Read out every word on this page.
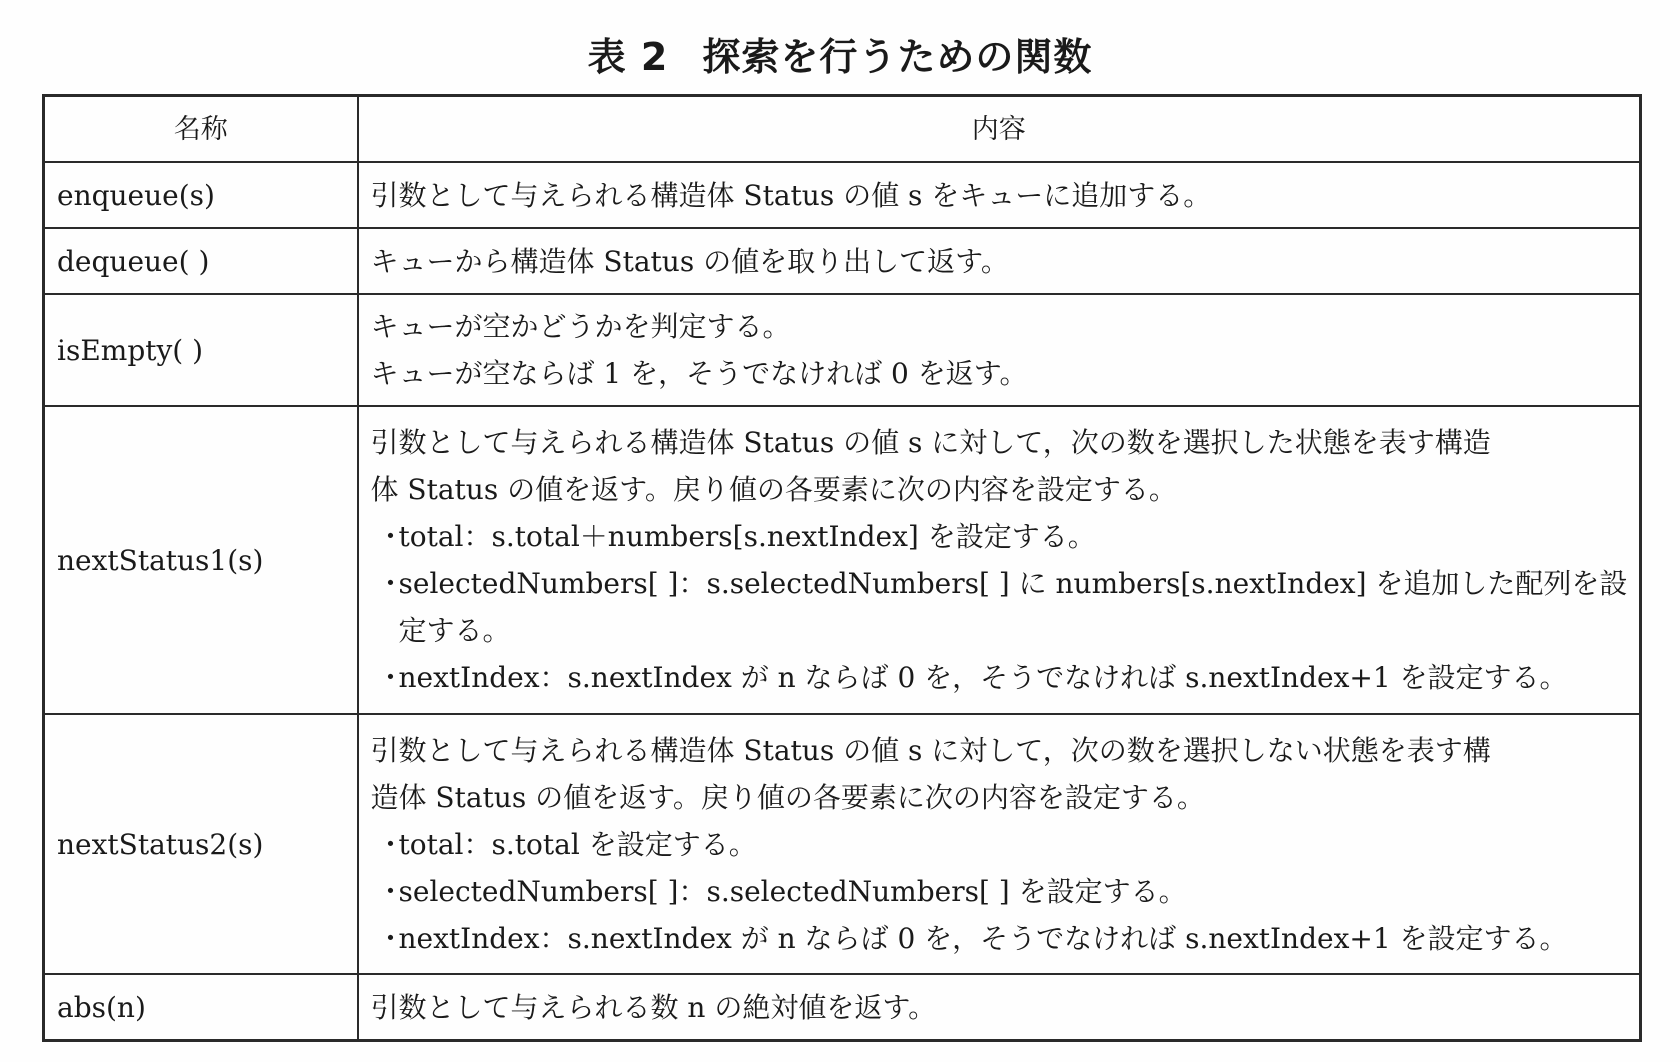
表 2 探索を行うための関数
名称	内容
enqueue(s)	引数として与えられる構造体 Status の値 s をキューに追加する。

dequeue( )	キューから構造体 Status の値を取り出して返す。

isEmpty( )	キューが空かどうかを判定する。
キューが空ならば 1 を，そうでなければ 0 を返す。

nextStatus1(s)	引数として与えられる構造体 Status の値 s に対して，次の数を選択した状態を表す構造
体 Status の値を返す。戻り値の各要素に次の内容を設定する。
・total：s.total＋numbers[s.nextIndex] を設定する。
・selectedNumbers[ ]：s.selectedNumbers[ ] に numbers[s.nextIndex] を追加した配列を設定する。
・nextIndex：s.nextIndex が n ならば 0 を，そうでなければ s.nextIndex+1 を設定する。

nextStatus2(s)	引数として与えられる構造体 Status の値 s に対して，次の数を選択しない状態を表す構
造体 Status の値を返す。戻り値の各要素に次の内容を設定する。
・total：s.total を設定する。
・selectedNumbers[ ]：s.selectedNumbers[ ] を設定する。
・nextIndex：s.nextIndex が n ならば 0 を，そうでなければ s.nextIndex+1 を設定する。

abs(n)	引数として与えられる数 n の絶対値を返す。
